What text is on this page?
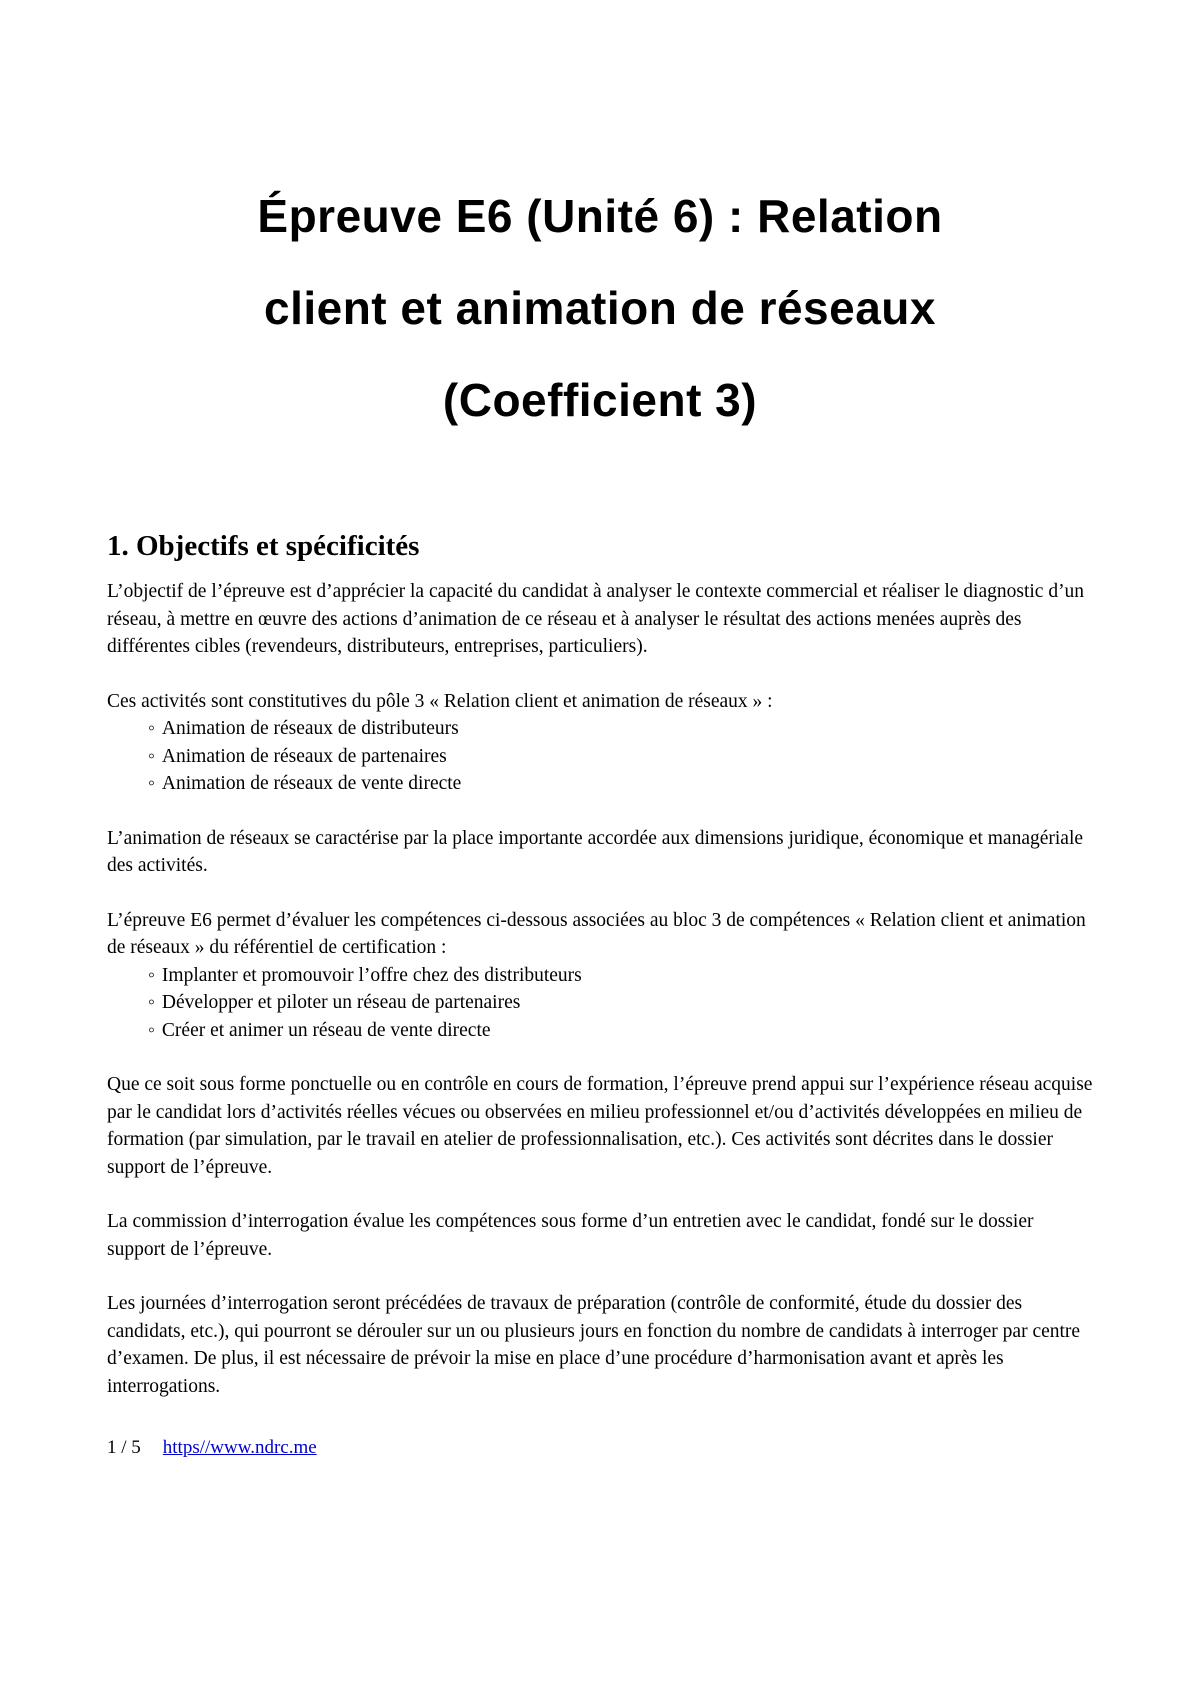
Épreuve E6 (Unité 6) : Relation
client et animation de réseaux
(Coefficient 3)
1. Objectifs et spécificités

L’objectif de l’épreuve est d’apprécier la capacité du candidat à analyser le contexte commercial et réaliser le diagnostic d’un réseau, à mettre en œuvre des actions d’animation de ce réseau et à analyser le résultat des actions menées auprès des différentes cibles (revendeurs, distributeurs, entreprises, particuliers).

Ces activités sont constitutives du pôle 3 « Relation client et animation de réseaux » :

◦ Animation de réseaux de distributeurs
◦ Animation de réseaux de partenaires
◦ Animation de réseaux de vente directe

L’animation de réseaux se caractérise par la place importante accordée aux dimensions juridique, économique et managériale des activités.

L’épreuve E6 permet d’évaluer les compétences ci-dessous associées au bloc 3 de compétences « Relation client et animation de réseaux » du référentiel de certification :

◦ Implanter et promouvoir l’offre chez des distributeurs
◦ Développer et piloter un réseau de partenaires
◦ Créer et animer un réseau de vente directe

Que ce soit sous forme ponctuelle ou en contrôle en cours de formation, l’épreuve prend appui sur l’expérience réseau acquise par le candidat lors d’activités réelles vécues ou observées en milieu professionnel et/ou d’activités développées en milieu de formation (par simulation, par le travail en atelier de professionnalisation, etc.). Ces activités sont décrites dans le dossier support de l’épreuve.

La commission d’interrogation évalue les compétences sous forme d’un entretien avec le candidat, fondé sur le dossier support de l’épreuve.

Les journées d’interrogation seront précédées de travaux de préparation (contrôle de conformité, étude du dossier des candidats, etc.), qui pourront se dérouler sur un ou plusieurs jours en fonction du nombre de candidats à interroger par centre d’examen. De plus, il est nécessaire de prévoir la mise en place d’une procédure d’harmonisation avant et après les interrogations.

1 / 5 https//www.ndrc.me
